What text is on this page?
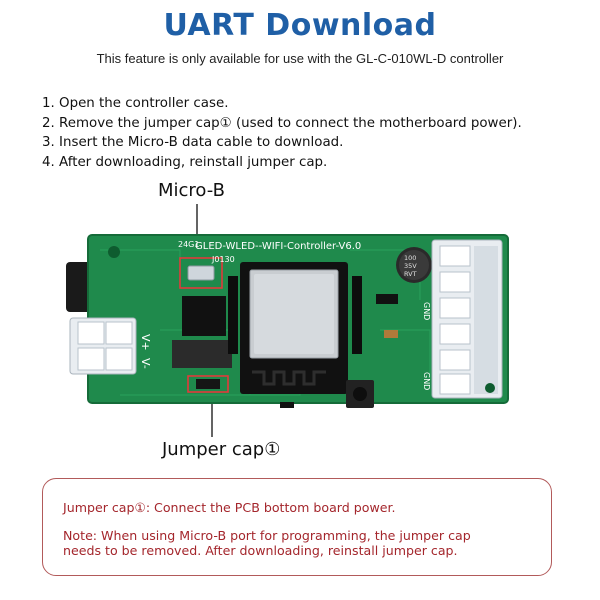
UART Download
This feature is only available for use with the GL-C-010WL-D controller
1. Open the controller case.
2. Remove the jumper cap① (used to connect the motherboard power).
3. Insert the Micro-B data cable to download.
4. After downloading, reinstall jumper cap.
Micro-B
V+
V-
100
35V
RVT
GLED-WLED--WIFI-Controller-V6.0
24G1
J0130
GND
GND
Jumper cap①

Jumper cap①: Connect the PCB bottom board power.

Note: When using Micro-B port for programming, the jumper cap
needs to be removed. After downloading, reinstall jumper cap.
